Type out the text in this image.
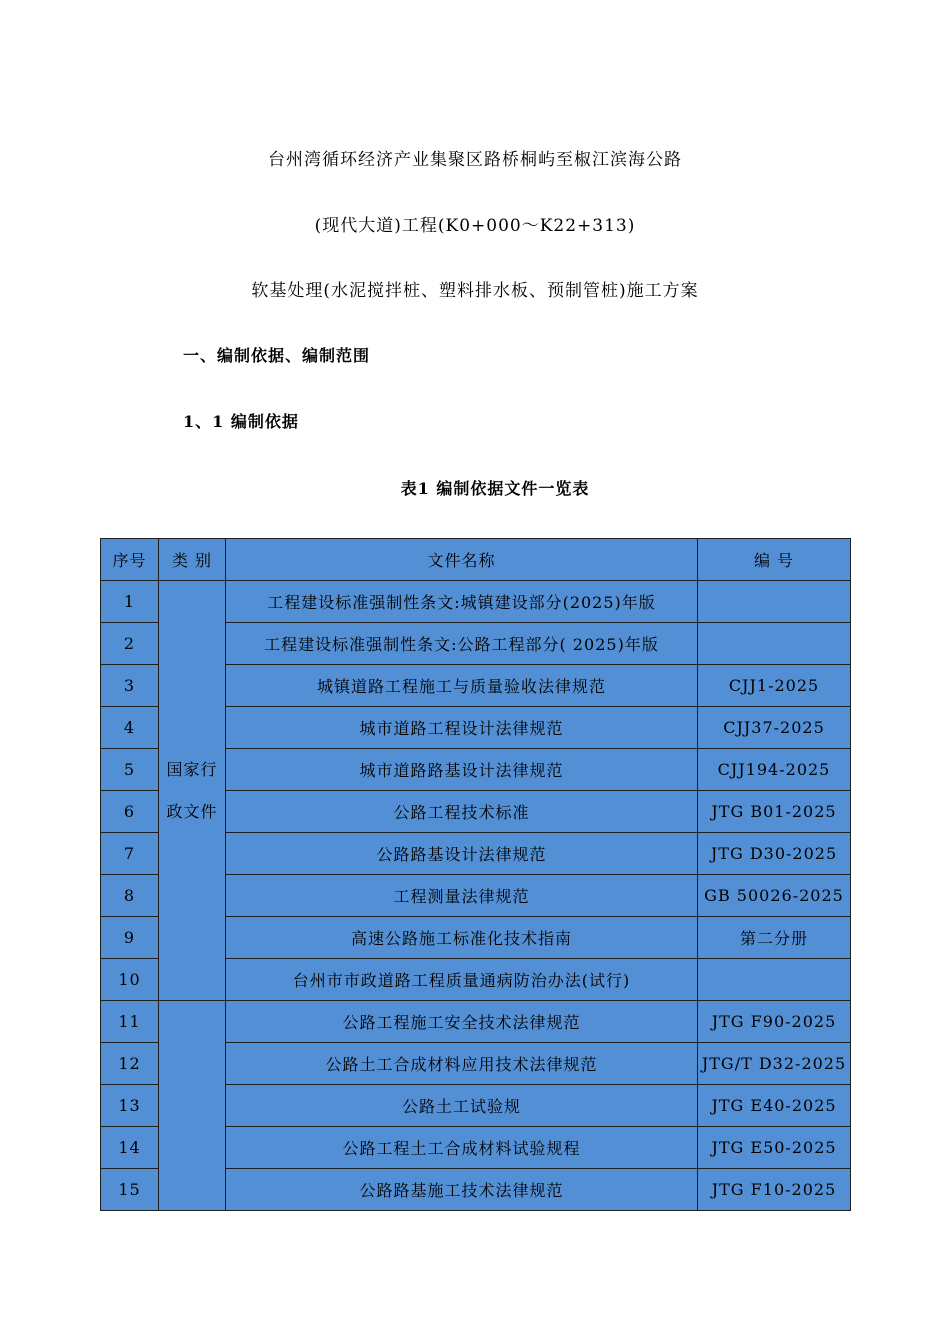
台州湾循环经济产业集聚区路桥桐屿至椒江滨海公路
(现代大道)工程(K0+000～K22+313)
软基处理(水泥搅拌桩、塑料排水板、预制管桩)施工方案
一、编制依据、编制范围
1、1 编制依据
表1 编制依据文件一览表
序号	类 别	文件名称	编 号
1	国家行政文件	工程建设标准强制性条文:城镇建设部分(2025)年版	
2		工程建设标准强制性条文:公路工程部分( 2025)年版	
3		城镇道路工程施工与质量验收法律规范	CJJ1-2025
4		城市道路工程设计法律规范	CJJ37-2025
5		城市道路路基设计法律规范	CJJ194-2025
6		公路工程技术标准	JTG B01-2025
7		公路路基设计法律规范	JTG D30-2025
8		工程测量法律规范	GB 50026-2025
9		高速公路施工标准化技术指南	第二分册
10		台州市市政道路工程质量通病防治办法(试行)	
11		公路工程施工安全技术法律规范	JTG F90-2025
12		公路土工合成材料应用技术法律规范	JTG/T D32-2025
13		公路土工试验规	JTG E40-2025
14		公路工程土工合成材料试验规程	JTG E50-2025
15		公路路基施工技术法律规范	JTG F10-2025
